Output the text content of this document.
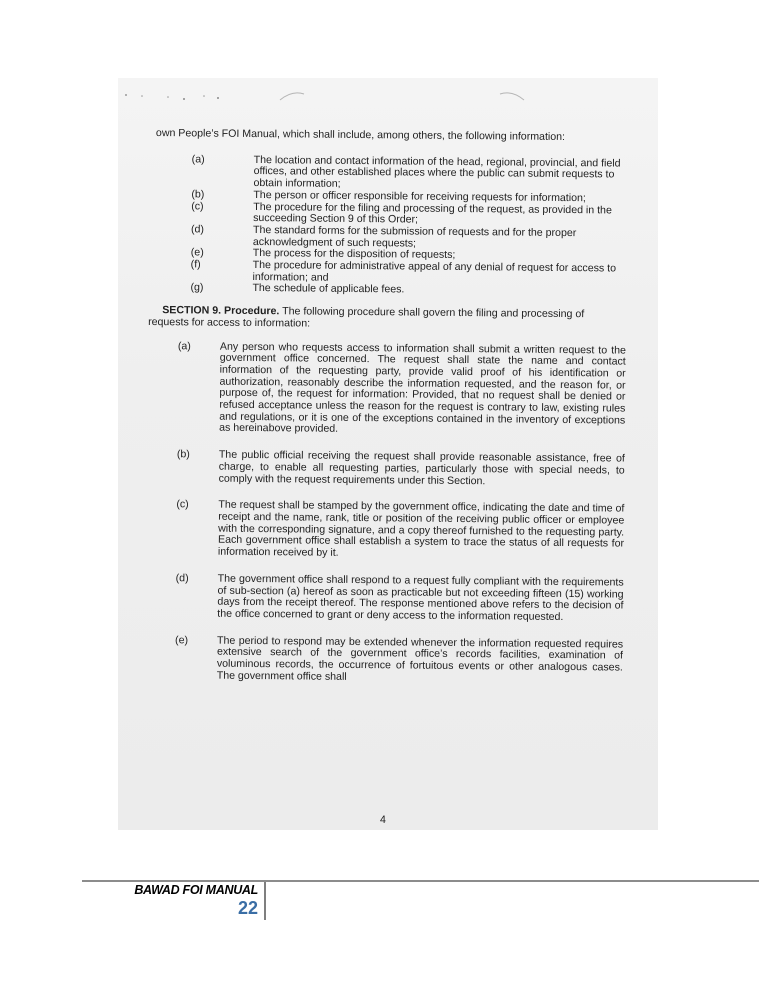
own People’s FOI Manual, which shall include, among others, the following information:

(a)	The location and contact information of the head, regional, provincial, and field offices, and other established places where the public can submit requests to obtain information;
(b)	The person or officer responsible for receiving requests for information;
(c)	The procedure for the filing and processing of the request, as provided in the succeeding Section 9 of this Order;
(d)	The standard forms for the submission of requests and for the proper acknowledgment of such requests;
(e)	The process for the disposition of requests;
(f)	The procedure for administrative appeal of any denial of request for access to information; and
(g)	The schedule of applicable fees.

SECTION 9. Procedure. The following procedure shall govern the filing and processing of requests for access to information:

(a)	Any person who requests access to information shall submit a written request to the government office concerned. The request shall state the name and contact information of the requesting party, provide valid proof of his identification or authorization, reasonably describe the information requested, and the reason for, or purpose of, the request for information: Provided, that no request shall be denied or refused acceptance unless the reason for the request is contrary to law, existing rules and regulations, or it is one of the exceptions contained in the inventory of exceptions as hereinabove provided.
(b)	The public official receiving the request shall provide reasonable assistance, free of charge, to enable all requesting parties, particularly those with special needs, to comply with the request requirements under this Section.
(c)	The request shall be stamped by the government office, indicating the date and time of receipt and the name, rank, title or position of the receiving public officer or employee with the corresponding signature, and a copy thereof furnished to the requesting party. Each government office shall establish a system to trace the status of all requests for information received by it.
(d)	The government office shall respond to a request fully compliant with the requirements of sub-section (a) hereof as soon as practicable but not exceeding fifteen (15) working days from the receipt thereof. The response mentioned above refers to the decision of the office concerned to grant or deny access to the information requested.
(e)	The period to respond may be extended whenever the information requested requires extensive search of the government office’s records facilities, examination of voluminous records, the occurrence of fortuitous events or other analogous cases. The government office shall
4
BAWAD FOI MANUAL
22
